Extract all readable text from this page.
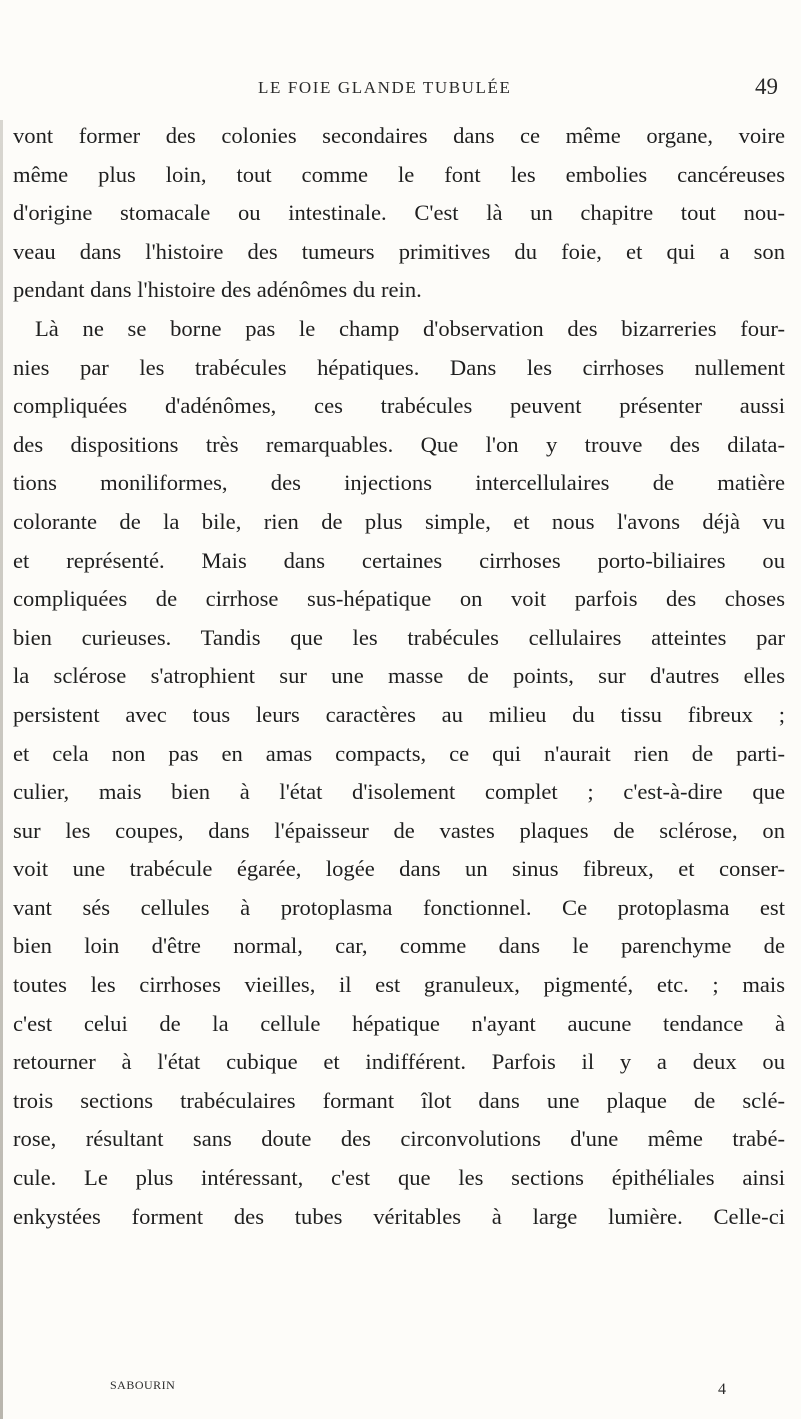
LE FOIE GLANDE TUBULÉE	49
vont former des colonies secondaires dans ce même organe, voire
même plus loin, tout comme le font les embolies cancéreuses
d'origine stomacale ou intestinale. C'est là un chapitre tout nou-
veau dans l'histoire des tumeurs primitives du foie, et qui a son
pendant dans l'histoire des adénômes du rein.
Là ne se borne pas le champ d'observation des bizarreries four-
nies par les trabécules hépatiques. Dans les cirrhoses nullement
compliquées d'adénômes, ces trabécules peuvent présenter aussi
des dispositions très remarquables. Que l'on y trouve des dilata-
tions moniliformes, des injections intercellulaires de matière
colorante de la bile, rien de plus simple, et nous l'avons déjà vu
et représenté. Mais dans certaines cirrhoses porto-biliaires ou
compliquées de cirrhose sus-hépatique on voit parfois des choses
bien curieuses. Tandis que les trabécules cellulaires atteintes par
la sclérose s'atrophient sur une masse de points, sur d'autres elles
persistent avec tous leurs caractères au milieu du tissu fibreux ;
et cela non pas en amas compacts, ce qui n'aurait rien de parti-
culier, mais bien à l'état d'isolement complet ; c'est-à-dire que
sur les coupes, dans l'épaisseur de vastes plaques de sclérose, on
voit une trabécule égarée, logée dans un sinus fibreux, et conser-
vant sés cellules à protoplasma fonctionnel. Ce protoplasma est
bien loin d'être normal, car, comme dans le parenchyme de
toutes les cirrhoses vieilles, il est granuleux, pigmenté, etc. ; mais
c'est celui de la cellule hépatique n'ayant aucune tendance à
retourner à l'état cubique et indifférent. Parfois il y a deux ou
trois sections trabéculaires formant îlot dans une plaque de sclé-
rose, résultant sans doute des circonvolutions d'une même trabé-
cule. Le plus intéressant, c'est que les sections épithéliales ainsi
enkystées forment des tubes véritables à large lumière. Celle-ci
SABOURIN	4
